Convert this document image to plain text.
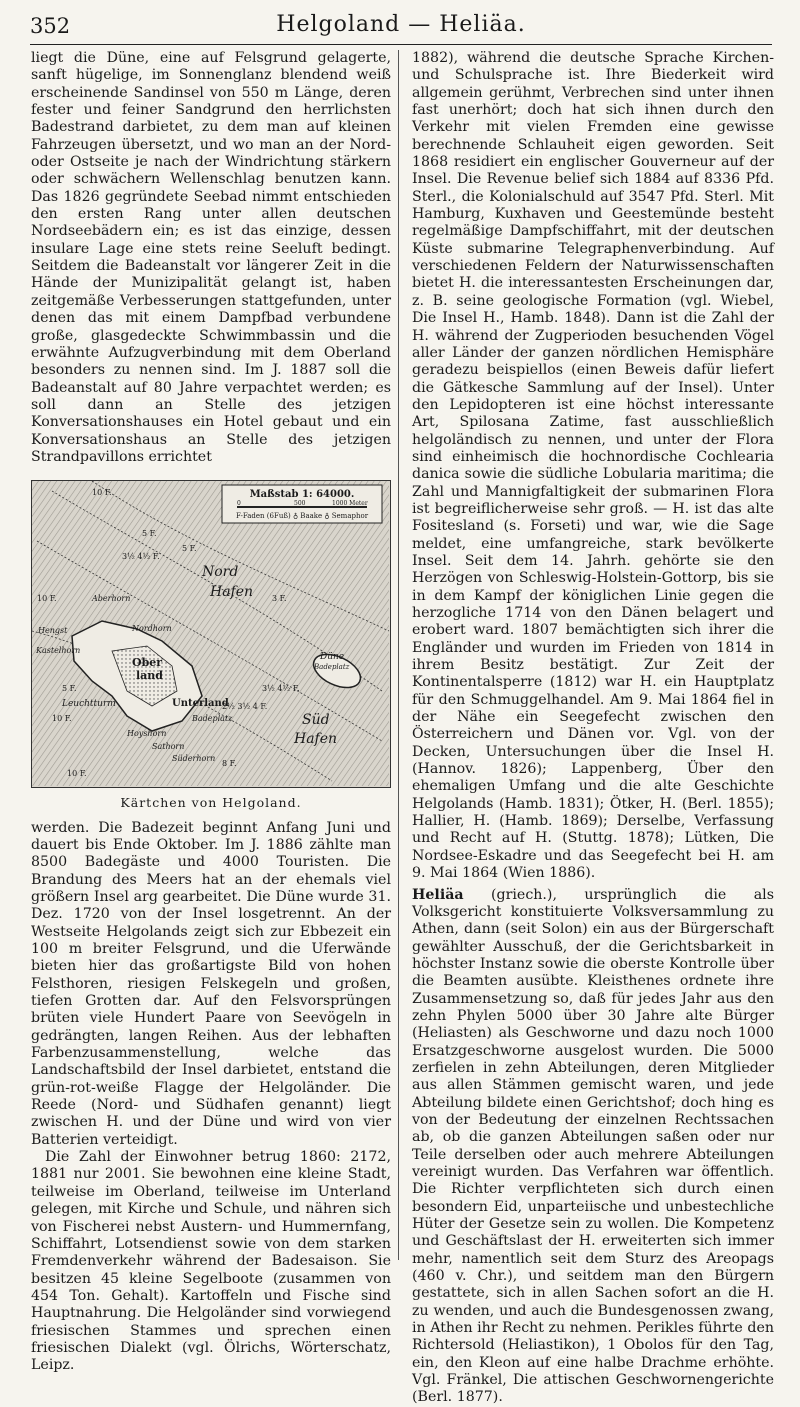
352	Helgoland — Heliäa.

liegt die Düne, eine auf Felsgrund gelagerte, sanft hügelige, im Sonnenglanz blendend weiß erscheinende Sandinsel von 550 m Länge, deren fester und feiner Sandgrund den herrlichsten Badestrand darbietet, zu dem man auf kleinen Fahrzeugen übersetzt, und wo man an der Nord- oder Ostseite je nach der Windrichtung stärkern oder schwächern Wellenschlag benutzen kann. Das 1826 gegründete Seebad nimmt entschieden den ersten Rang unter allen deutschen Nordseebädern ein; es ist das einzige, dessen insulare Lage eine stets reine Seeluft bedingt. Seitdem die Badeanstalt vor längerer Zeit in die Hände der Munizipalität gelangt ist, haben zeitgemäße Verbesserungen stattgefunden, unter denen das mit einem Dampfbad verbundene große, glasgedeckte Schwimmbassin und die erwähnte Aufzugverbindung mit dem Oberland besonders zu nennen sind. Im J. 1887 soll die Badeanstalt auf 80 Jahre verpachtet werden; es soll dann an Stelle des jetzigen Konversationshauses ein Hotel gebaut und ein Konversationshaus an Stelle des jetzigen Strandpavillons errichtet

Maßstab 1: 64000.
0	500	1000 Meter
F-Faden (6Fuß) ♁ Baake ♁ Semaphor
Nord
Hafen
Süd
Hafen
Ober
land
Unterland
Düne
Badeplatz
Leuchtturm
Hengst
Kastelhorn
Badeplatz
Nordhorn
Hoyshorn
Sathorn
Süderhorn
Aberhorn
10 F.
10 F.
10 F.
10 F.
5 F.
5 F.
5 F.
3½ 4½ F.
2½ 3½ 4 F.
3½ 4½ F.
3 F.
8 F.
Kärtchen von Helgoland.

werden. Die Badezeit beginnt Anfang Juni und dauert bis Ende Oktober. Im J. 1886 zählte man 8500 Badegäste und 4000 Touristen. Die Brandung des Meers hat an der ehemals viel größern Insel arg gearbeitet. Die Düne wurde 31. Dez. 1720 von der Insel losgetrennt. An der Westseite Helgolands zeigt sich zur Ebbezeit ein 100 m breiter Felsgrund, und die Uferwände bieten hier das großartigste Bild von hohen Felsthoren, riesigen Felskegeln und großen, tiefen Grotten dar. Auf den Felsvorsprüngen brüten viele Hundert Paare von Seevögeln in gedrängten, langen Reihen. Aus der lebhaften Farbenzusammenstellung, welche das Landschaftsbild der Insel darbietet, entstand die grün-rot-weiße Flagge der Helgoländer. Die Reede (Nord- und Südhafen genannt) liegt zwischen H. und der Düne und wird von vier Batterien verteidigt.

Die Zahl der Einwohner betrug 1860: 2172, 1881 nur 2001. Sie bewohnen eine kleine Stadt, teilweise im Oberland, teilweise im Unterland gelegen, mit Kirche und Schule, und nähren sich von Fischerei nebst Austern- und Hummernfang, Schiffahrt, Lotsendienst sowie von dem starken Fremdenverkehr während der Badesaison. Sie besitzen 45 kleine Segelboote (zusammen von 454 Ton. Gehalt). Kartoffeln und Fische sind Hauptnahrung. Die Helgoländer sind vorwiegend friesischen Stammes und sprechen einen friesischen Dialekt (vgl. Ölrichs, Wörterschatz, Leipz.

1882), während die deutsche Sprache Kirchen- und Schulsprache ist. Ihre Biederkeit wird allgemein gerühmt, Verbrechen sind unter ihnen fast unerhört; doch hat sich ihnen durch den Verkehr mit vielen Fremden eine gewisse berechnende Schlauheit eigen geworden. Seit 1868 residiert ein englischer Gouverneur auf der Insel. Die Revenue belief sich 1884 auf 8336 Pfd. Sterl., die Kolonialschuld auf 3547 Pfd. Sterl. Mit Hamburg, Kuxhaven und Geestemünde besteht regelmäßige Dampfschiffahrt, mit der deutschen Küste submarine Telegraphenverbindung. Auf verschiedenen Feldern der Naturwissenschaften bietet H. die interessantesten Erscheinungen dar, z. B. seine geologische Formation (vgl. Wiebel, Die Insel H., Hamb. 1848). Dann ist die Zahl der H. während der Zugperioden besuchenden Vögel aller Länder der ganzen nördlichen Hemisphäre geradezu beispiellos (einen Beweis dafür liefert die Gätkesche Sammlung auf der Insel). Unter den Lepidopteren ist eine höchst interessante Art, Spilosana Zatime, fast ausschließlich helgoländisch zu nennen, und unter der Flora sind einheimisch die hochnordische Cochlearia danica sowie die südliche Lobularia maritima; die Zahl und Mannigfaltigkeit der submarinen Flora ist begreiflicherweise sehr groß. — H. ist das alte Fositesland (s. Forseti) und war, wie die Sage meldet, eine umfangreiche, stark bevölkerte Insel. Seit dem 14. Jahrh. gehörte sie den Herzögen von Schleswig-Holstein-Gottorp, bis sie in dem Kampf der königlichen Linie gegen die herzogliche 1714 von den Dänen belagert und erobert ward. 1807 bemächtigten sich ihrer die Engländer und wurden im Frieden von 1814 in ihrem Besitz bestätigt. Zur Zeit der Kontinentalsperre (1812) war H. ein Hauptplatz für den Schmuggelhandel. Am 9. Mai 1864 fiel in der Nähe ein Seegefecht zwischen den Österreichern und Dänen vor. Vgl. von der Decken, Untersuchungen über die Insel H. (Hannov. 1826); Lappenberg, Über den ehemaligen Umfang und die alte Geschichte Helgolands (Hamb. 1831); Ötker, H. (Berl. 1855); Hallier, H. (Hamb. 1869); Derselbe, Verfassung und Recht auf H. (Stuttg. 1878); Lütken, Die Nordsee-Eskadre und das Seegefecht bei H. am 9. Mai 1864 (Wien 1886).

Heliäa (griech.), ursprünglich die als Volksgericht konstituierte Volksversammlung zu Athen, dann (seit Solon) ein aus der Bürgerschaft gewählter Ausschuß, der die Gerichtsbarkeit in höchster Instanz sowie die oberste Kontrolle über die Beamten ausübte. Kleisthenes ordnete ihre Zusammensetzung so, daß für jedes Jahr aus den zehn Phylen 5000 über 30 Jahre alte Bürger (Heliasten) als Geschworne und dazu noch 1000 Ersatzgeschworne ausgelost wurden. Die 5000 zerfielen in zehn Abteilungen, deren Mitglieder aus allen Stämmen gemischt waren, und jede Abteilung bildete einen Gerichtshof; doch hing es von der Bedeutung der einzelnen Rechtssachen ab, ob die ganzen Abteilungen saßen oder nur Teile derselben oder auch mehrere Abteilungen vereinigt wurden. Das Verfahren war öffentlich. Die Richter verpflichteten sich durch einen besondern Eid, unparteiische und unbestechliche Hüter der Gesetze sein zu wollen. Die Kompetenz und Geschäftslast der H. erweiterten sich immer mehr, namentlich seit dem Sturz des Areopags (460 v. Chr.), und seitdem man den Bürgern gestattete, sich in allen Sachen sofort an die H. zu wenden, und auch die Bundesgenossen zwang, in Athen ihr Recht zu nehmen. Perikles führte den Richtersold (Heliastikon), 1 Obolos für den Tag, ein, den Kleon auf eine halbe Drachme erhöhte. Vgl. Fränkel, Die attischen Geschwornengerichte (Berl. 1877).
